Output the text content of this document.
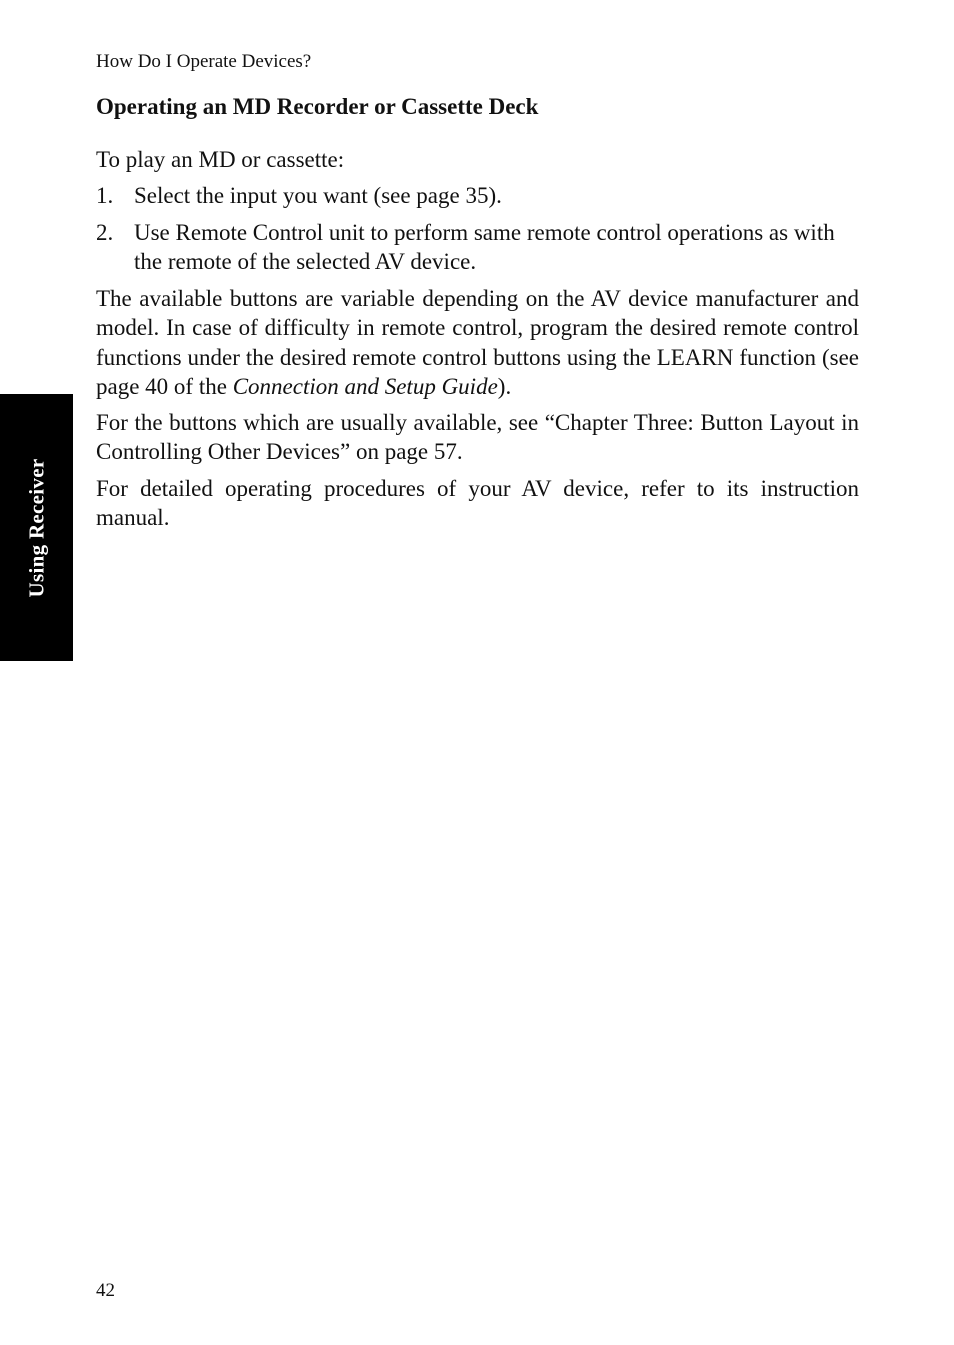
How Do I Operate Devices?
Operating an MD Recorder or Cassette Deck

To play an MD or cassette:

1. Select the input you want (see page 35).
2. Use Remote Control unit to perform same remote control operations as with the remote of the selected AV device.

The available buttons are variable depending on the AV device manufacturer and model. In case of difficulty in remote control, program the desired remote control functions under the desired remote control buttons using the LEARN function (see page 40 of the Connection and Setup Guide).

For the buttons which are usually available, see “Chapter Three: Button Layout in Controlling Other Devices” on page 57.

For detailed operating procedures of your AV device, refer to its instruction manual.

Using Receiver
42
